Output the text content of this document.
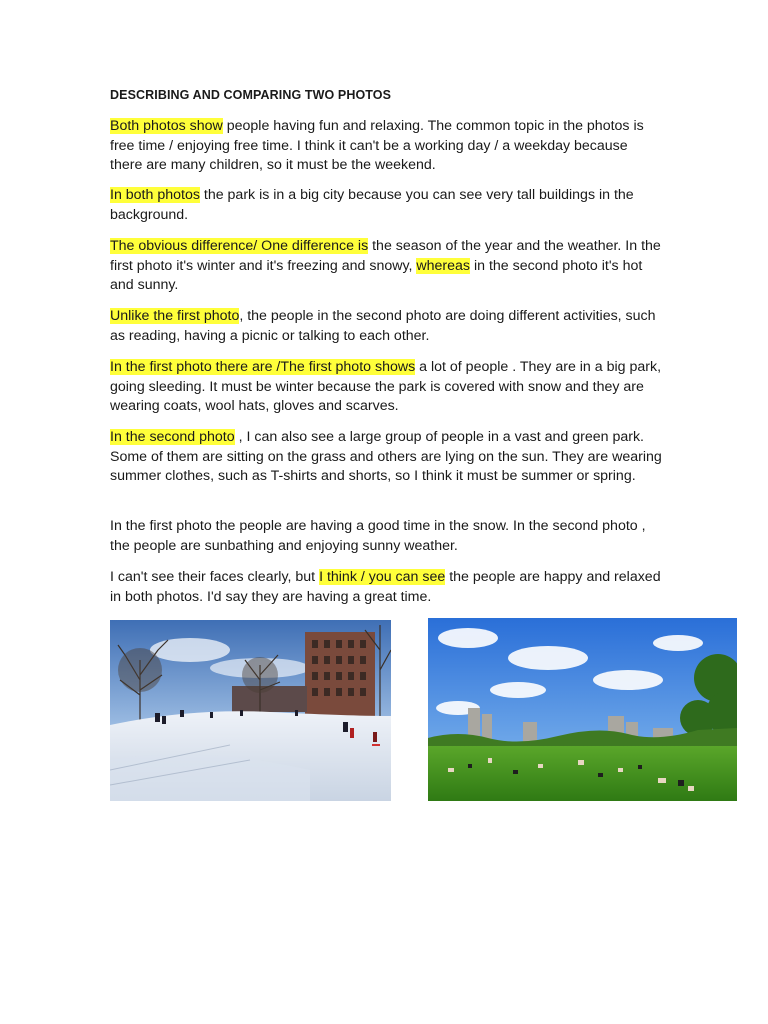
DESCRIBING AND COMPARING TWO PHOTOS
Both photos show people having fun and relaxing. The common topic in the photos is free time / enjoying free time. I think it can't be a working day / a weekday because there are many children, so it must be the weekend.
In both photos the park is in a big city because you can see very tall buildings in the background.
The obvious difference/ One difference is the season of the year and the weather. In the first photo it's winter and it's freezing and snowy, whereas in the second photo it's hot and sunny.
Unlike the first photo, the people in the second photo are doing different activities, such as reading, having a picnic or talking to each other.
In the first photo there are /The first photo shows a lot of people . They are in a big park, going sleeding. It must be winter because the park is covered with snow and they are wearing coats, wool hats, gloves and scarves.
In the second photo , I can also see a large group of people in a vast and green park. Some of them are sitting on the grass and others are lying on the sun. They are wearing summer clothes, such as T-shirts and shorts, so I think it must be summer or spring.
In the first photo the people are having a good time in the snow. In the second photo , the people are sunbathing and enjoying sunny weather.
I can't see their faces clearly, but I think / you can see the people are happy and relaxed in both photos. I'd say they are having a great time.
